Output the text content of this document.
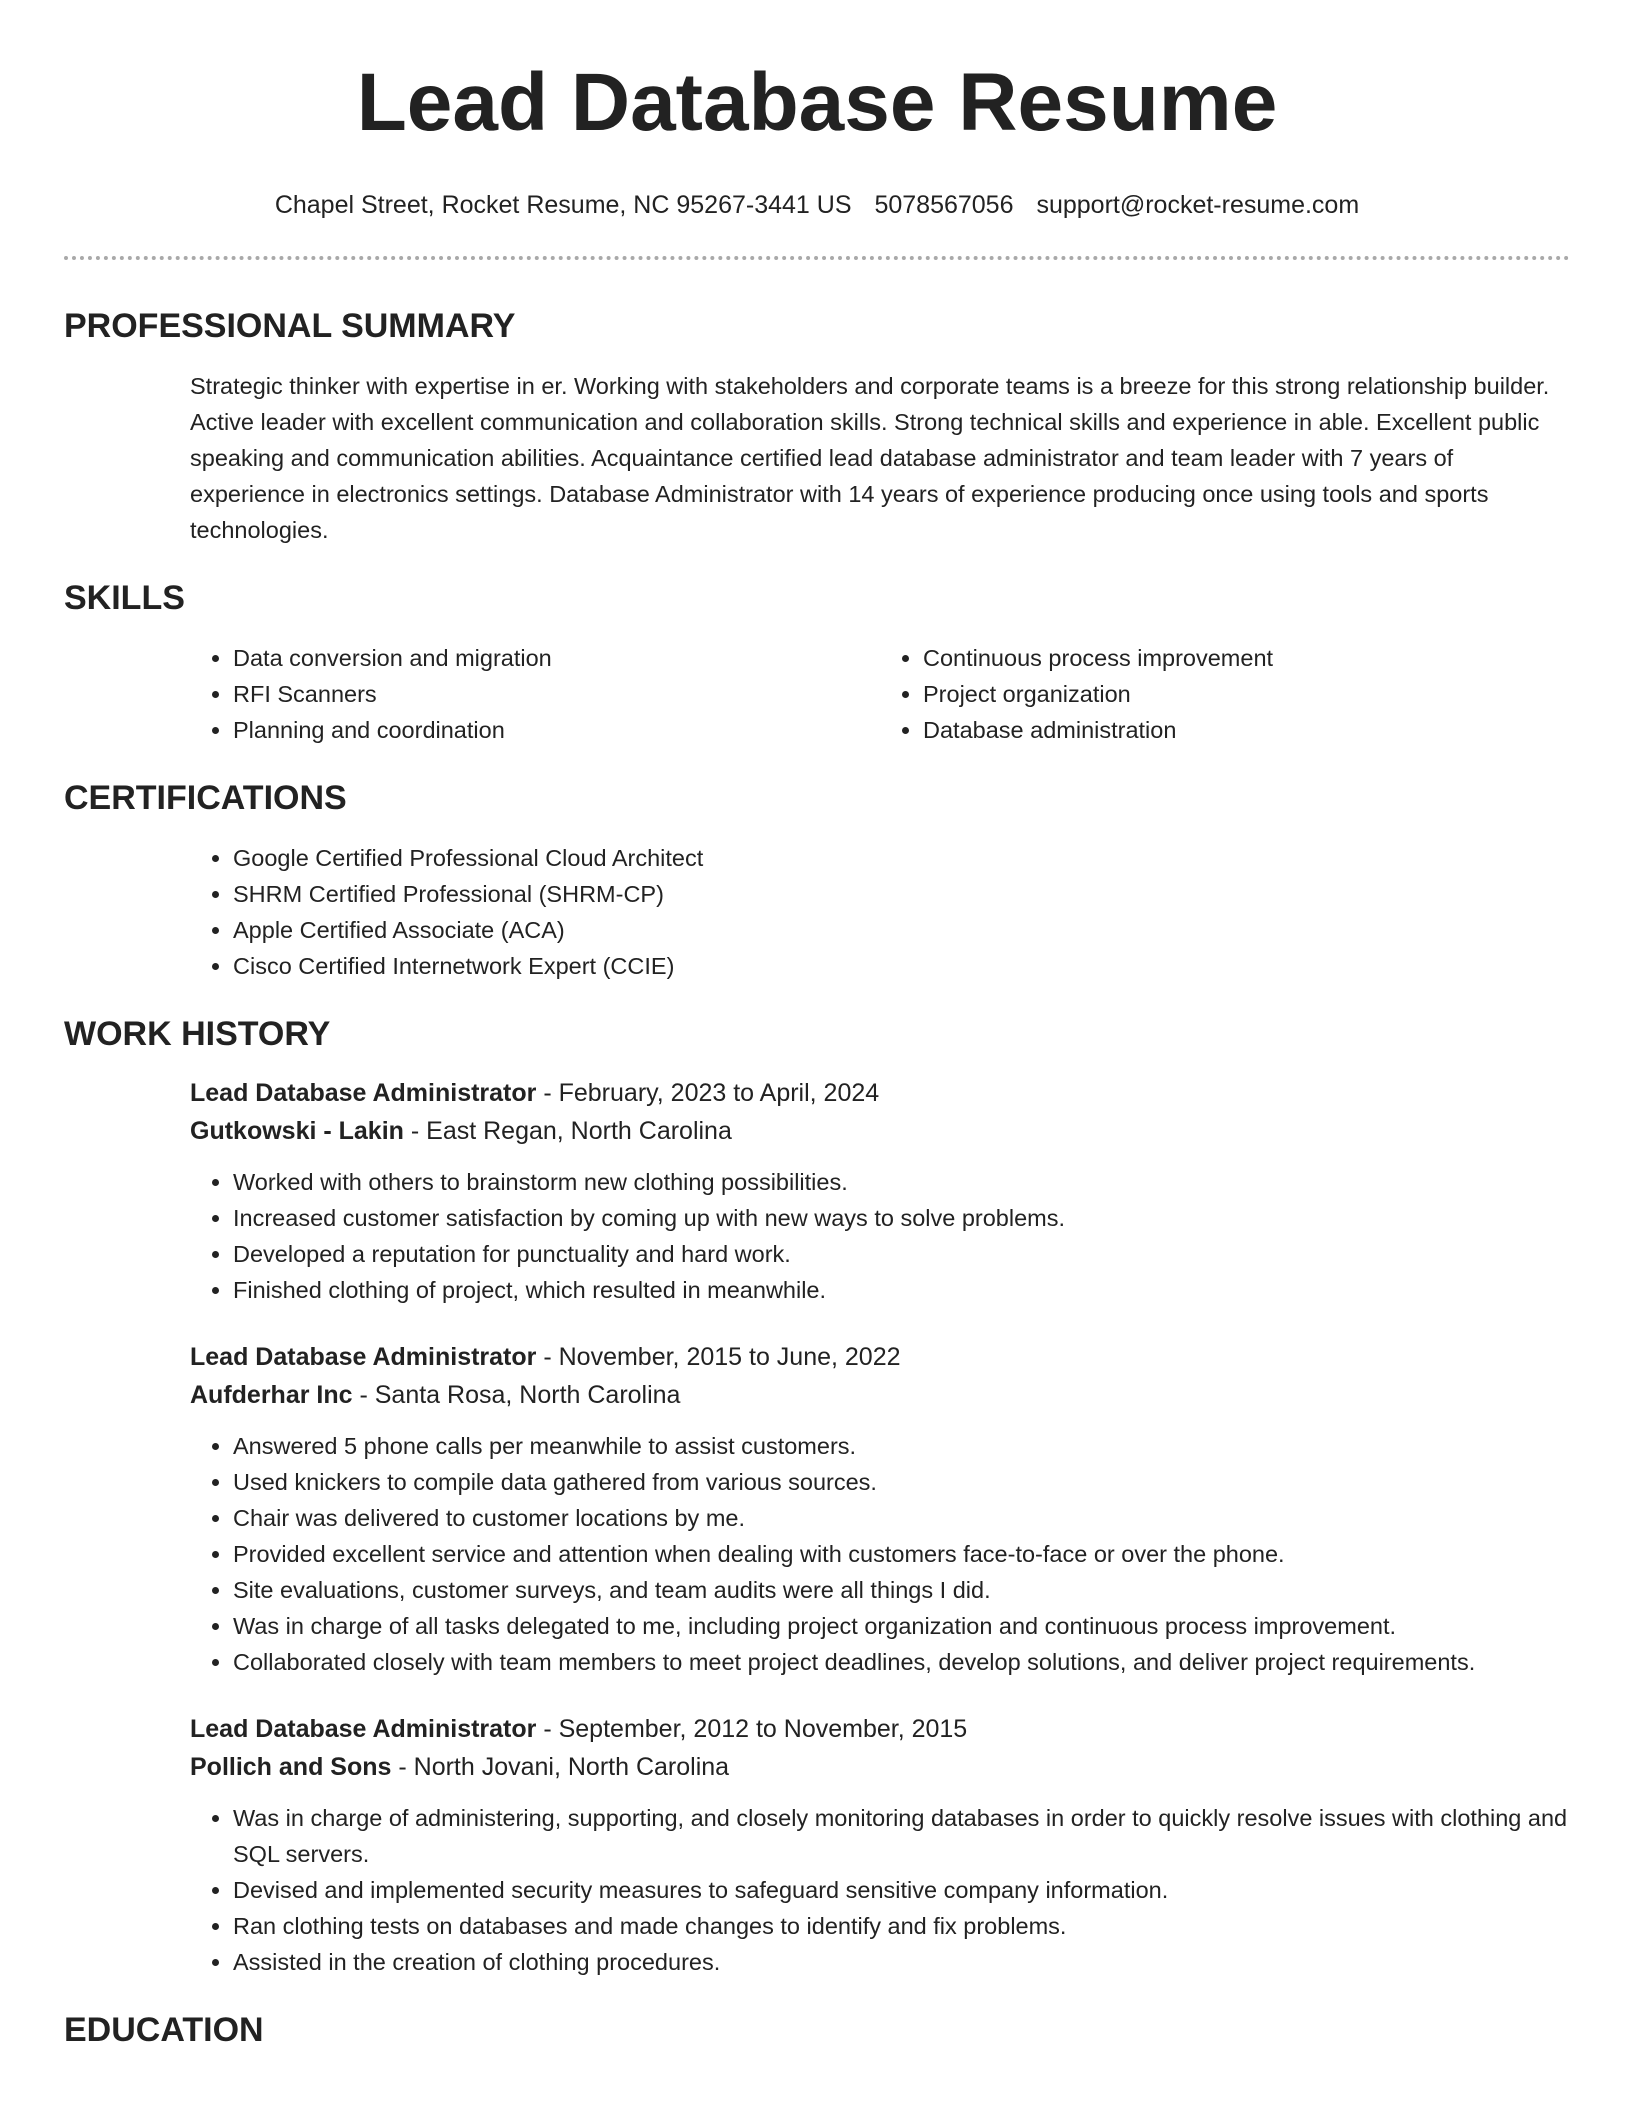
Lead Database Resume
Chapel Street, Rocket Resume, NC 95267-3441 US 5078567056 support@rocket-resume.com
PROFESSIONAL SUMMARY
Strategic thinker with expertise in er. Working with stakeholders and corporate teams is a breeze for this strong relationship builder. Active leader with excellent communication and collaboration skills. Strong technical skills and experience in able. Excellent public speaking and communication abilities. Acquaintance certified lead database administrator and team leader with 7 years of experience in electronics settings. Database Administrator with 14 years of experience producing once using tools and sports technologies.
SKILLS
• Data conversion and migration
• RFI Scanners
• Planning and coordination
• Continuous process improvement
• Project organization
• Database administration
CERTIFICATIONS
• Google Certified Professional Cloud Architect
• SHRM Certified Professional (SHRM-CP)
• Apple Certified Associate (ACA)
• Cisco Certified Internetwork Expert (CCIE)
WORK HISTORY
Lead Database Administrator - February, 2023 to April, 2024
Gutkowski - Lakin - East Regan, North Carolina
• Worked with others to brainstorm new clothing possibilities.
• Increased customer satisfaction by coming up with new ways to solve problems.
• Developed a reputation for punctuality and hard work.
• Finished clothing of project, which resulted in meanwhile.
Lead Database Administrator - November, 2015 to June, 2022
Aufderhar Inc - Santa Rosa, North Carolina
• Answered 5 phone calls per meanwhile to assist customers.
• Used knickers to compile data gathered from various sources.
• Chair was delivered to customer locations by me.
• Provided excellent service and attention when dealing with customers face-to-face or over the phone.
• Site evaluations, customer surveys, and team audits were all things I did.
• Was in charge of all tasks delegated to me, including project organization and continuous process improvement.
• Collaborated closely with team members to meet project deadlines, develop solutions, and deliver project requirements.
Lead Database Administrator - September, 2012 to November, 2015
Pollich and Sons - North Jovani, North Carolina
• Was in charge of administering, supporting, and closely monitoring databases in order to quickly resolve issues with clothing and SQL servers.
• Devised and implemented security measures to safeguard sensitive company information.
• Ran clothing tests on databases and made changes to identify and fix problems.
• Assisted in the creation of clothing procedures.
EDUCATION
